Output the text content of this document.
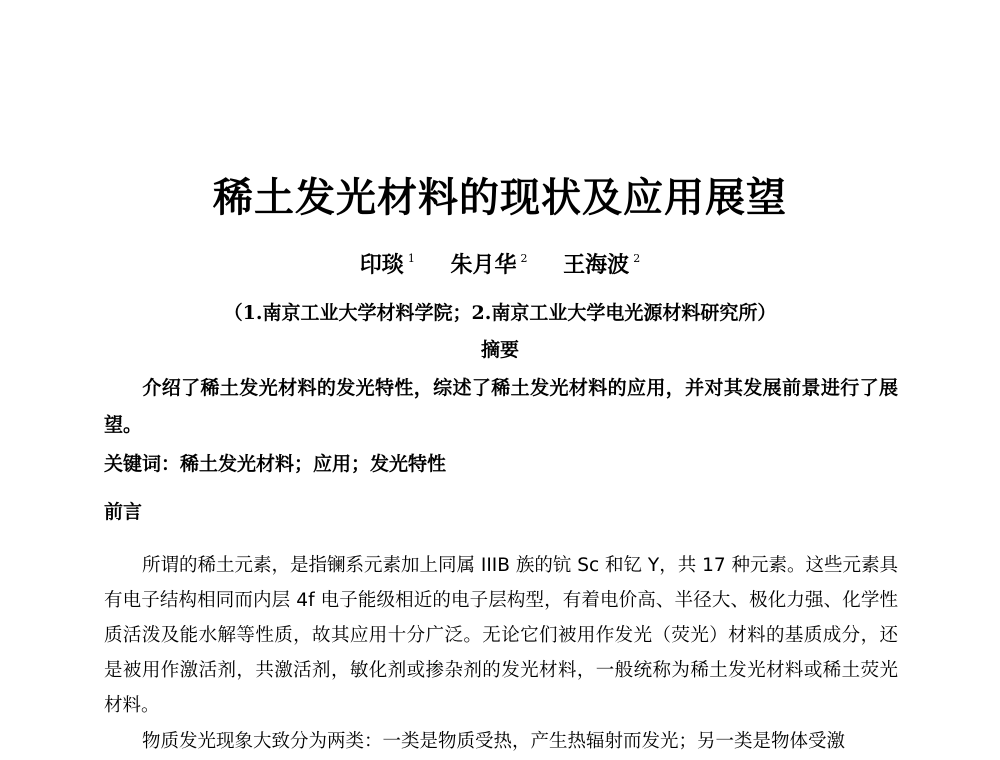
稀土发光材料的现状及应用展望
印琰 $^1$ 朱月华 $^2$ 王海波 $^2$
（1.南京工业大学材料学院；2.南京工业大学电光源材料研究所）
摘要
介绍了稀土发光材料的发光特性，综述了稀土发光材料的应用，并对其发展前景进行了展望。
关键词：稀土发光材料；应用；发光特性
前言
所谓的稀土元素，是指镧系元素加上同属 IIIB 族的钪 Sc 和钇 Y，共 17 种元素。这些元素具有电子结构相同而内层 4f 电子能级相近的电子层构型，有着电价高、半径大、极化力强、化学性质活泼及能水解等性质，故其应用十分广泛。无论它们被用作发光（荧光）材料的基质成分，还是被用作激活剂，共激活剂，敏化剂或掺杂剂的发光材料，一般统称为稀土发光材料或稀土荧光材料。
物质发光现象大致分为两类：一类是物质受热，产生热辐射而发光；另一类是物体受激
